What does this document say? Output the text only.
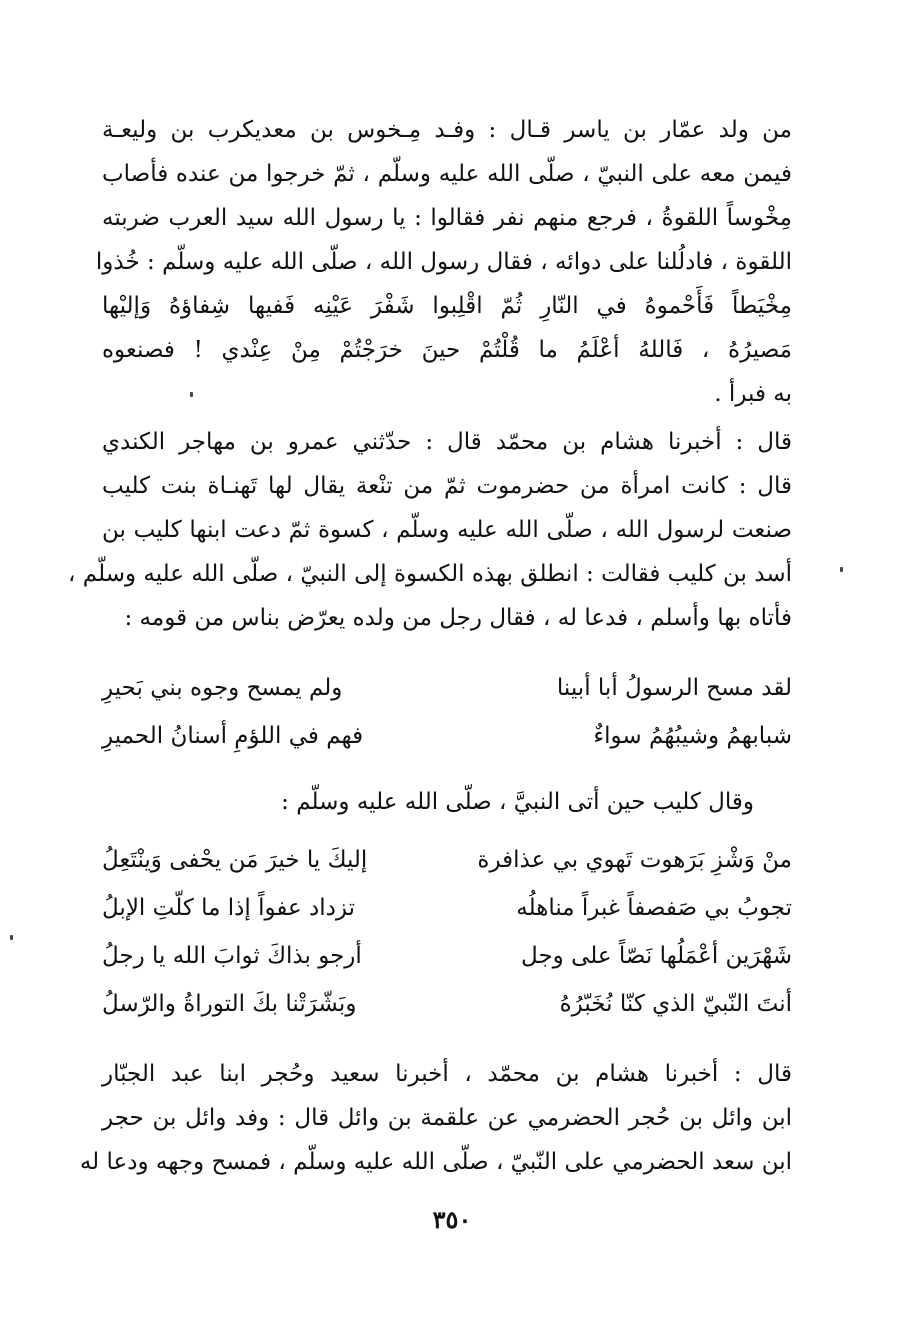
من ولد عمّار بن ياسر قـال : وفـد مِـخوس بن معديكرب بن وليعـة
فيمن معه على النبيّ ، صلّى الله عليه وسلّم ، ثمّ خرجوا من عنده فأصاب
مِخْوساً اللقوةُ ، فرجع منهم نفر فقالوا : يا رسول الله سيد العرب ضربته
اللقوة ، فادلُلنا على دوائه ، فقال رسول الله ، صلّى الله عليه وسلّم : خُذوا
مِخْيَطاً فَأَحْموهُ في النّارِ ثُمّ اقْلِبوا شَفْرَ عَيْنِه فَفيها شِفاؤهُ وَإليْها
مَصيرُهُ ، فَاللهُ أعْلَمُ ما قُلْتُمْ حينَ خرَجْتُمْ مِنْ عِنْدي ! فصنعوه
به فبرأ .
قال : أخبرنا هشام بن محمّد قال : حدّثني عمرو بن مهاجر الكندي
قال : كانت امرأة من حضرموت ثمّ من تنْعة يقال لها تَهنـاة بنت كليب
صنعت لرسول الله ، صلّى الله عليه وسلّم ، كسوة ثمّ دعت ابنها كليب بن
أسد بن كليب فقالت : انطلق بهذه الكسوة إلى النبيّ ، صلّى الله عليه وسلّم ،
فأتاه بها وأسلم ، فدعا له ، فقال رجل من ولده يعرّض بناس من قومه :
لقد مسح الرسولُ أبا أبينا
ولم يمسح وجوه بني بَحيرِ
شبابهمُ وشيبُهُمُ سواءٌ
فهم في اللؤمِ أسنانُ الحميرِ
وقال كليب حين أتى النبيَّ ، صلّى الله عليه وسلّم :
منْ وَشْزِ بَرَهوت تَهوي بي عذافرة
إليكَ يا خيرَ مَن يحْفى وَينْتَعِلُ
تجوبُ بي صَفصفاً غبراً مناهلُه
تزداد عفواً إذا ما كلّتِ الإبلُ
شَهْرَين أعْمَلُها نَصّاً على وجل
أرجو بذاكَ ثوابَ الله يا رجلُ
أنتَ النّبيّ الذي كنّا نُخَبّرُهُ
وبَشّرَتْنا بكَ التوراةُ والرّسلُ
قال : أخبرنا هشام بن محمّد ، أخبرنا سعيد وحُجر ابنا عبد الجبّار
ابن وائل بن حُجر الحضرمي عن علقمة بن وائل قال : وفد وائل بن حجر
ابن سعد الحضرمي على النّبيّ ، صلّى الله عليه وسلّم ، فمسح وجهه ودعا له
٣٥٠
